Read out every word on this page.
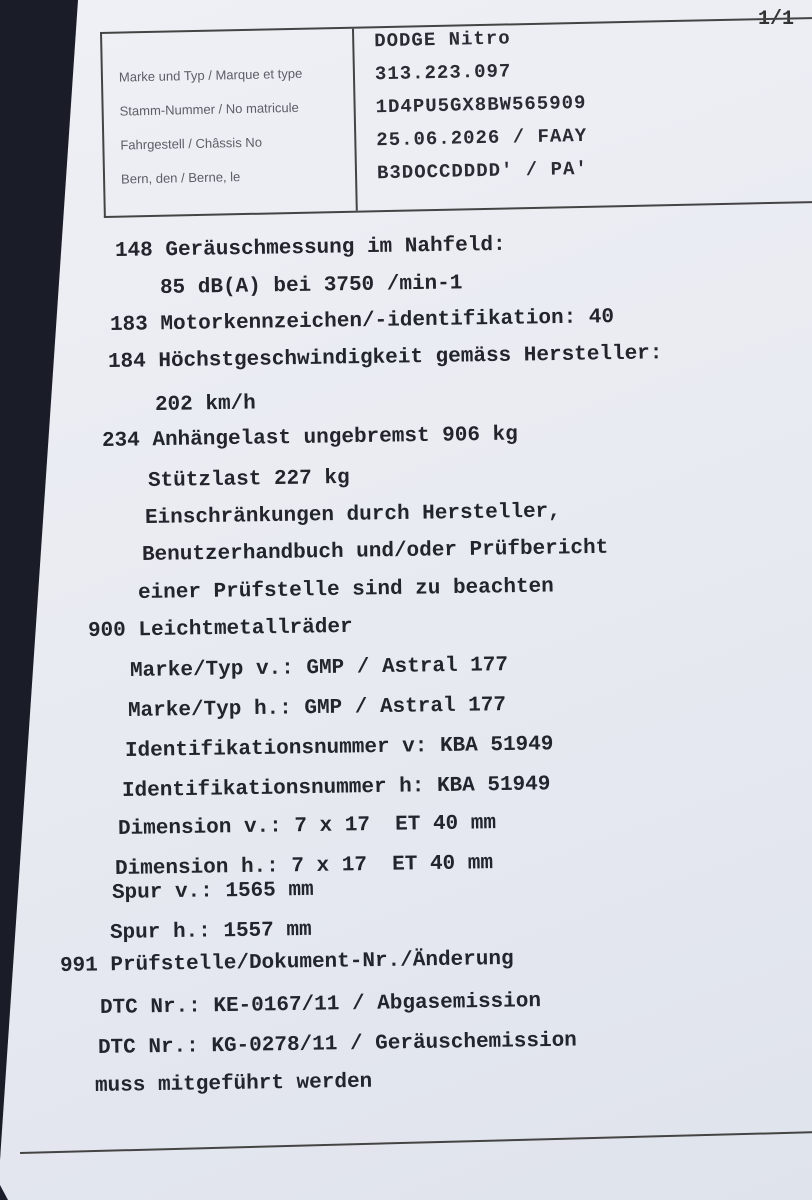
1/1
Marke und Typ / Marque et type
Stamm-Nummer / No matricule
Fahrgestell / Châssis No
Bern, den / Berne, le
DODGE Nitro
313.223.097
1D4PU5GX8BW565909
25.06.2026 / FAAY
B3DOCCDDDD' / PA'

148 Geräuschmessung im Nahfeld:

85 dB(A) bei 3750 /min-1

183 Motorkennzeichen/-identifikation: 40

184 Höchstgeschwindigkeit gemäss Hersteller:

202 km/h

234 Anhängelast ungebremst 906 kg

Stützlast 227 kg

Einschränkungen durch Hersteller,

Benutzerhandbuch und/oder Prüfbericht

einer Prüfstelle sind zu beachten

900 Leichtmetallräder

Marke/Typ v.: GMP / Astral 177

Marke/Typ h.: GMP / Astral 177

Identifikationsnummer v: KBA 51949

Identifikationsnummer h: KBA 51949

Dimension v.: 7 x 17  ET 40 mm

Dimension h.: 7 x 17  ET 40 mm

Spur v.: 1565 mm

Spur h.: 1557 mm

991 Prüfstelle/Dokument-Nr./Änderung

DTC Nr.: KE-0167/11 / Abgasemission

DTC Nr.: KG-0278/11 / Geräuschemission

muss mitgeführt werden
